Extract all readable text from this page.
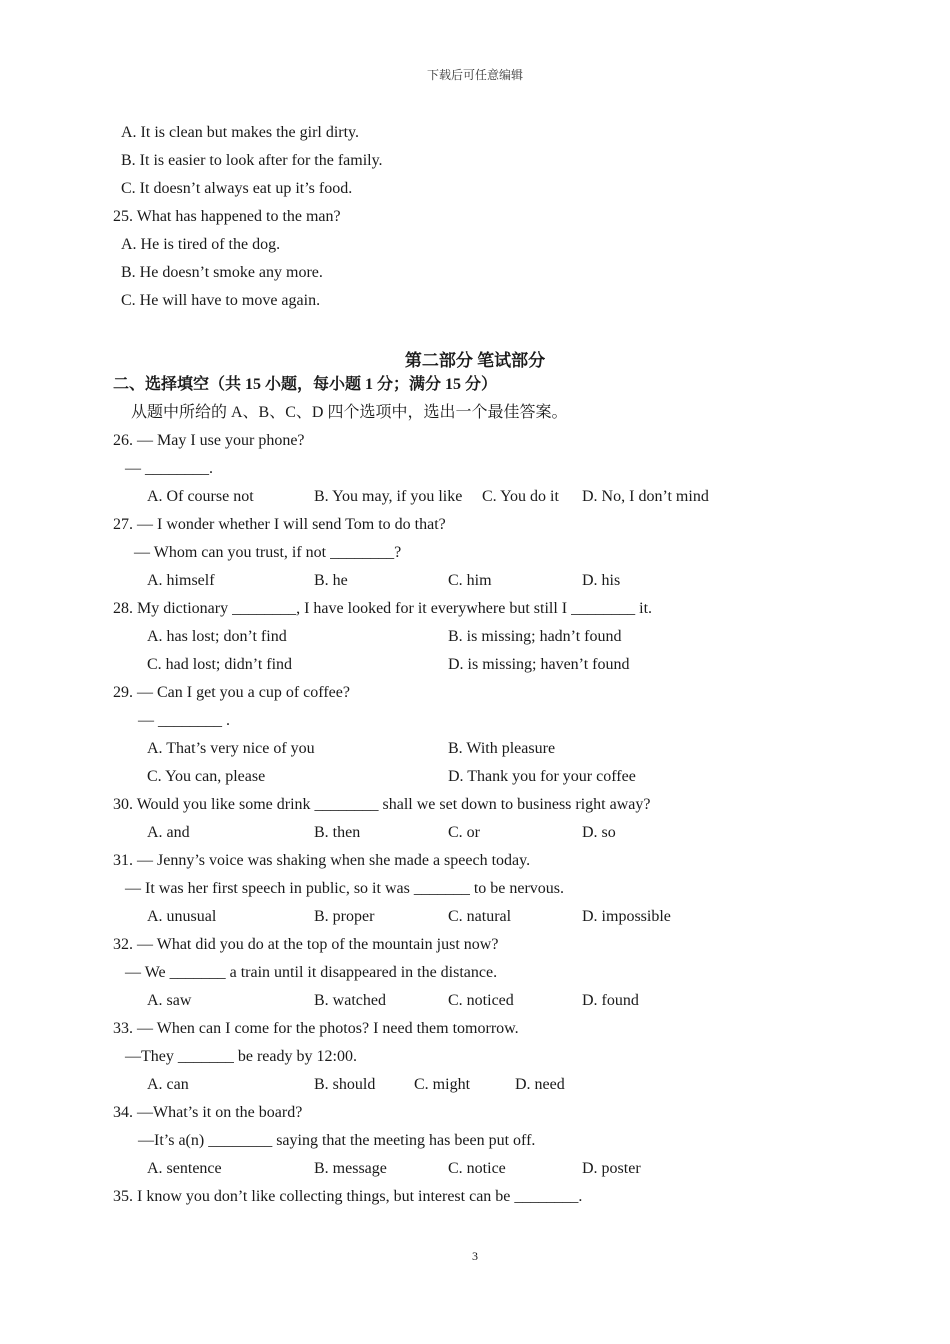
下载后可任意编辑
A. It is clean but makes the girl dirty.
B. It is easier to look after for the family.
C. It doesn’t always eat up it’s food.
25. What has happened to the man?
A. He is tired of the dog.
B. He doesn’t smoke any more.
C. He will have to move again.
第二部分 笔试部分
二、选择填空（共 15 小题，每小题 1 分；满分 15 分）
从题中所给的 A、B、C、D 四个选项中，选出一个最佳答案。
26. — May I use your phone?
— ________.
A. Of course not	B. You may, if you like C. You do it D. No, I don’t mind
27. — I wonder whether I will send Tom to do that?
— Whom can you trust, if not ________?
A. himself	B. he	C. him	D. his
28. My dictionary ________, I have looked for it everywhere but still I ________ it.
A. has lost; don’t find	B. is missing; hadn’t found
C. had lost; didn’t find	D. is missing; haven’t found
29. — Can I get you a cup of coffee?
— ________ .
A. That’s very nice of you	B. With pleasure
C. You can, please	D. Thank you for your coffee
30. Would you like some drink ________ shall we set down to business right away?
A. and	B. then	C. or	D. so
31. — Jenny’s voice was shaking when she made a speech today.
— It was her first speech in public, so it was _______ to be nervous.
A. unusual	B. proper	C. natural	D. impossible
32. — What did you do at the top of the mountain just now?
— We _______ a train until it disappeared in the distance.
A. saw	B. watched	C. noticed	D. found
33. — When can I come for the photos? I need them tomorrow.
—They _______ be ready by 12:00.
A. can	B. should C. might	D. need
34. —What’s it on the board?
—It’s a(n) ________ saying that the meeting has been put off.
A. sentence	B. message	C. notice	D. poster
35. I know you don’t like collecting things, but interest can be ________.
3
